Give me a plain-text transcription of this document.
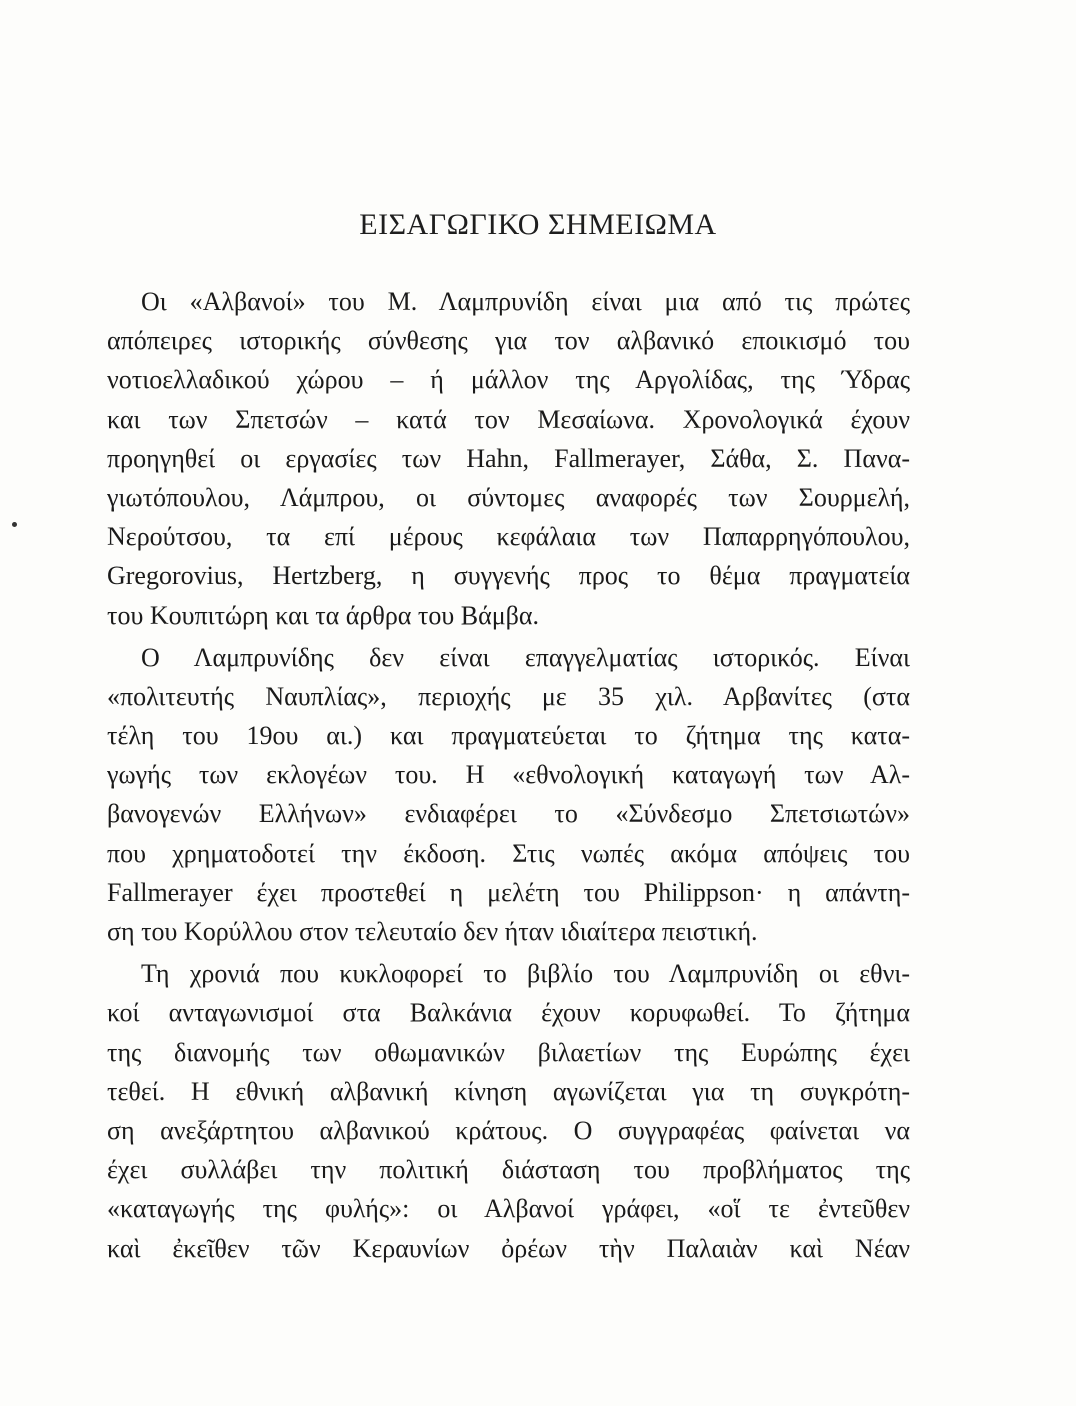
ΕΙΣΑΓΩΓΙΚΟ ΣΗΜΕΙΩΜΑ
Οι «Αλβανοί» του Μ. Λαμπρυνίδη είναι μια από τις πρώτες
απόπειρες ιστορικής σύνθεσης για τον αλβανικό εποικισμό του
νοτιοελλαδικού χώρου – ή μάλλον της Αργολίδας, της Ύδρας
και των Σπετσών – κατά τον Μεσαίωνα. Χρονολογικά έχουν
προηγηθεί οι εργασίες των Hahn, Fallmerayer, Σάθα, Σ. Πανα-
γιωτόπουλου, Λάμπρου, οι σύντομες αναφορές των Σουρμελή,
Νερούτσου, τα επί μέρους κεφάλαια των Παπαρρηγόπουλου,
Gregorovius, Hertzberg, η συγγενής προς το θέμα πραγματεία
του Κουπιτώρη και τα άρθρα του Βάμβα.
Ο Λαμπρυνίδης δεν είναι επαγγελματίας ιστορικός. Είναι
«πολιτευτής Ναυπλίας», περιοχής με 35 χιλ. Αρβανίτες (στα
τέλη του 19ου αι.) και πραγματεύεται το ζήτημα της κατα-
γωγής των εκλογέων του. Η «εθνολογική καταγωγή των Αλ-
βανογενών Ελλήνων» ενδιαφέρει το «Σύνδεσμο Σπετσιωτών»
που χρηματοδοτεί την έκδοση. Στις νωπές ακόμα απόψεις του
Fallmerayer έχει προστεθεί η μελέτη του Philippson· η απάντη-
ση του Κορύλλου στον τελευταίο δεν ήταν ιδιαίτερα πειστική.
Τη χρονιά που κυκλοφορεί το βιβλίο του Λαμπρυνίδη οι εθνι-
κοί ανταγωνισμοί στα Βαλκάνια έχουν κορυφωθεί. Το ζήτημα
της διανομής των οθωμανικών βιλαετίων της Ευρώπης έχει
τεθεί. Η εθνική αλβανική κίνηση αγωνίζεται για τη συγκρότη-
ση ανεξάρτητου αλβανικού κράτους. Ο συγγραφέας φαίνεται να
έχει συλλάβει την πολιτική διάσταση του προβλήματος της
«καταγωγής της φυλής»: οι Αλβανοί γράφει, «οἵ τε ἐντεῦθεν
καὶ ἐκεῖθεν τῶν Κεραυνίων ὀρέων τὴν Παλαιὰν καὶ Νέαν
